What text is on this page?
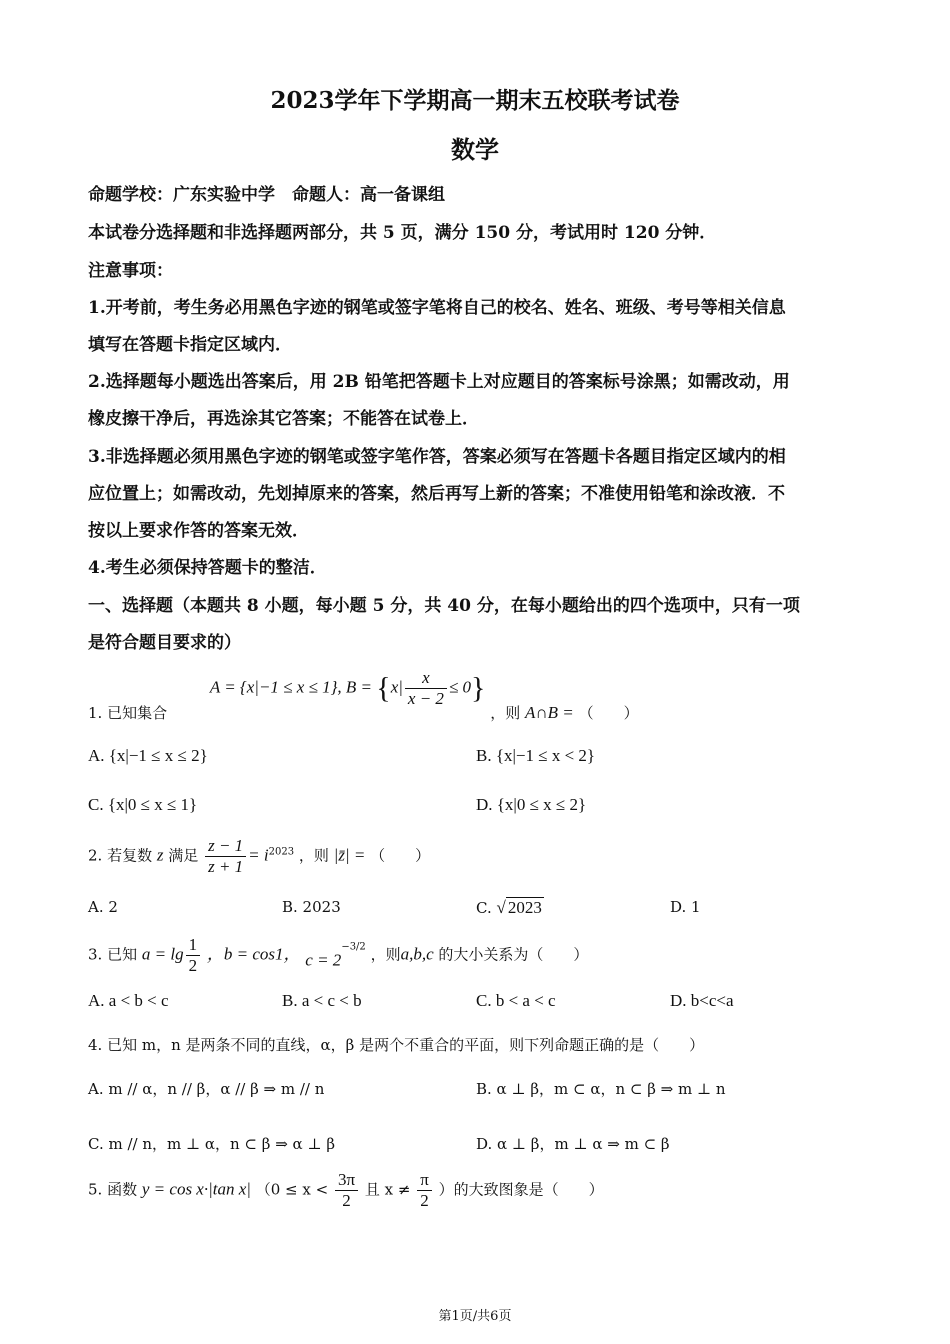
2023学年下学期高一期末五校联考试卷
数学
命题学校：广东实验中学　命题人：高一备课组
本试卷分选择题和非选择题两部分，共 5 页，满分 150 分，考试用时 120 分钟．
注意事项：
1.开考前，考生务必用黑色字迹的钢笔或签字笔将自己的校名、姓名、班级、考号等相关信息
填写在答题卡指定区域内．
2.选择题每小题选出答案后，用 2B 铅笔把答题卡上对应题目的答案标号涂黑；如需改动，用
橡皮擦干净后，再选涂其它答案；不能答在试卷上．
3.非选择题必须用黑色字迹的钢笔或签字笔作答，答案必须写在答题卡各题目指定区域内的相
应位置上；如需改动，先划掉原来的答案，然后再写上新的答案；不准使用铅笔和涂改液．不
按以上要求作答的答案无效．
4.考生必须保持答题卡的整洁．
一、选择题（本题共 8 小题，每小题 5 分，共 40 分，在每小题给出的四个选项中，只有一项
是符合题目要求的）
1. 已知集合 A = {x|−1 ≤ x ≤ 1}, $B = \{x| \frac{x}{x - 2} \le 0\}$ ，则 A∩B = （　　）
A. {x|−1 ≤ x ≤ 2}	B. {x|−1 ≤ x < 2}
C. {x|0 ≤ x ≤ 1}	D. {x|0 ≤ x ≤ 2}
2. 若复数 z 满足 $\frac{z - 1}{z + 1} = i^{2023}$ ，则 |z̄| = （　　）
A. 2	B. 2023	C. √ 2023	D. 1
3. 已知 $a = \lg \frac{1}{2}$ ，b = cos1， $c = 2^{-3/2}$ ，则a,b,c 的大小关系为（　　）
A. a < b < c	B. a < c < b	C. b < a < c	D. b<c<a
4. 已知 m，n 是两条不同的直线，α，β 是两个不重合的平面，则下列命题正确的是（　　）
A. m // α，n // β，α // β ⇒ m // n	B. α ⊥ β，m ⊂ α，n ⊂ β ⇒ m ⊥ n
C. m // n，m ⊥ α，n ⊂ β ⇒ α ⊥ β	D. α ⊥ β，m ⊥ α ⇒ m ⊂ β
5. 函数 y = cos x·|tan x| （$0 \le x < \frac{3\pi}{2}$ 且 $x \ne \frac{\pi}{2}$ ）的大致图象是（　　）
第1页/共6页
